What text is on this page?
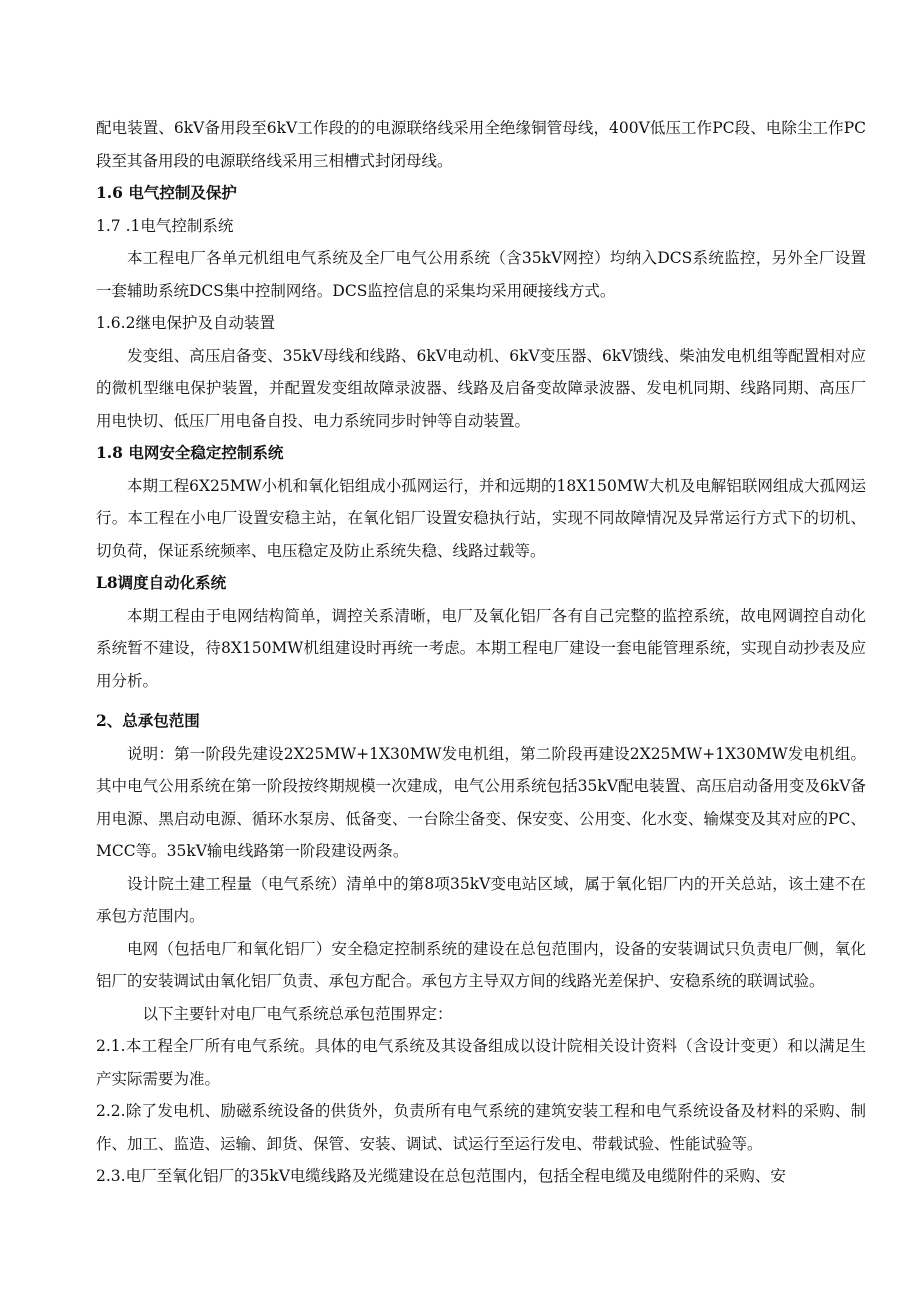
配电装置、6kV备用段至6kV工作段的的电源联络线采用全绝缘铜管母线，400V低压工作PC段、电除尘工作PC段至其备用段的电源联络线采用三相槽式封闭母线。

1.6 电气控制及保护

1.7 .1电气控制系统

本工程电厂各单元机组电气系统及全厂电气公用系统（含35kV网控）均纳入DCS系统监控，另外全厂设置一套辅助系统DCS集中控制网络。DCS监控信息的采集均采用硬接线方式。

1.6.2继电保护及自动装置

发变组、高压启备变、35kV母线和线路、6kV电动机、6kV变压器、6kV馈线、柴油发电机组等配置相对应的微机型继电保护装置，并配置发变组故障录波器、线路及启备变故障录波器、发电机同期、线路同期、高压厂用电快切、低压厂用电备自投、电力系统同步时钟等自动装置。

1.8 电网安全稳定控制系统

本期工程6X25MW小机和氧化铝组成小孤网运行，并和远期的18X150MW大机及电解铝联网组成大孤网运行。本工程在小电厂设置安稳主站，在氧化铝厂设置安稳执行站，实现不同故障情况及异常运行方式下的切机、切负荷，保证系统频率、电压稳定及防止系统失稳、线路过载等。

L8调度自动化系统

本期工程由于电网结构简单，调控关系清晰，电厂及氧化铝厂各有自己完整的监控系统，故电网调控自动化系统暂不建设，待8X150MW机组建设时再统一考虑。本期工程电厂建设一套电能管理系统，实现自动抄表及应用分析。

2、总承包范围

说明：第一阶段先建设2X25MW+1X30MW发电机组，第二阶段再建设2X25MW+1X30MW发电机组。其中电气公用系统在第一阶段按终期规模一次建成，电气公用系统包括35kV配电装置、高压启动备用变及6kV备用电源、黑启动电源、循环水泵房、低备变、一台除尘备变、保安变、公用变、化水变、输煤变及其对应的PC、MCC等。35kV输电线路第一阶段建设两条。

设计院土建工程量（电气系统）清单中的第8项35kV变电站区域，属于氧化铝厂内的开关总站，该土建不在承包方范围内。

电网（包括电厂和氧化铝厂）安全稳定控制系统的建设在总包范围内，设备的安装调试只负责电厂侧，氧化铝厂的安装调试由氧化铝厂负责、承包方配合。承包方主导双方间的线路光差保护、安稳系统的联调试验。

以下主要针对电厂电气系统总承包范围界定：

2.1.本工程全厂所有电气系统。具体的电气系统及其设备组成以设计院相关设计资料（含设计变更）和以满足生产实际需要为准。

2.2.除了发电机、励磁系统设备的供货外，负责所有电气系统的建筑安装工程和电气系统设备及材料的采购、制作、加工、监造、运输、卸货、保管、安装、调试、试运行至运行发电、带载试验、性能试验等。

2.3.电厂至氧化铝厂的35kV电缆线路及光缆建设在总包范围内，包括全程电缆及电缆附件的采购、安
